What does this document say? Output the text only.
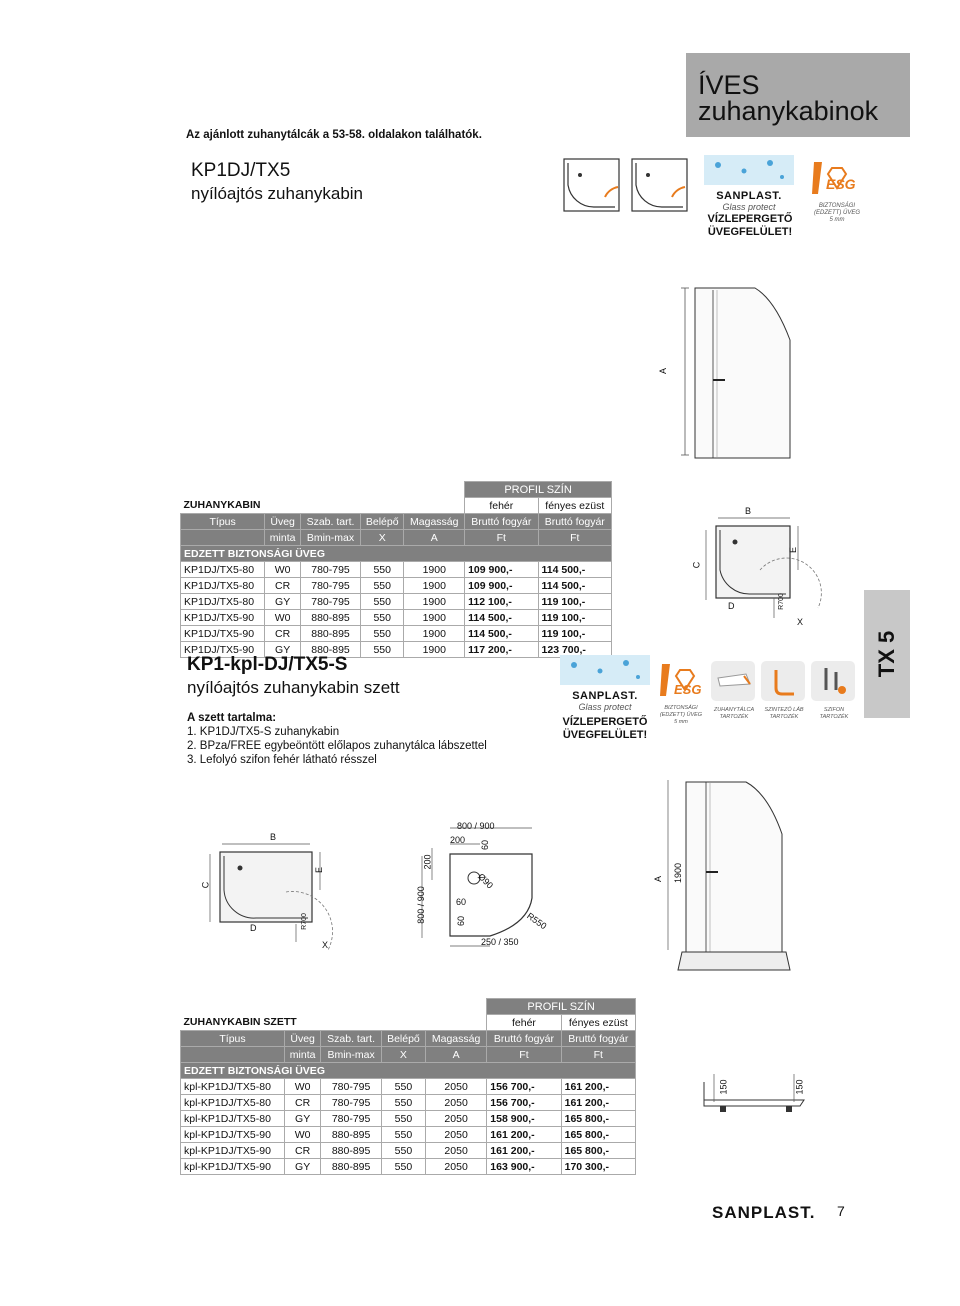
Az ajánlott zuhanytálcák a 53-58. oldalakon találhatók.
ÍVES
zuhanykabinok
KP1DJ/TX5
nyílóajtós zuhanykabin	SANPLAST.
Glass protect
VÍZLEPERGETŐ
ÜVEGFELÜLET!
ESG
BIZTONSÁGI
(EDZETT) ÜVEG
5 mm
A
					PROFIL SZÍN	
ZUHANYKABIN					fehér	fényes ezüst
Típus	Üveg	Szab. tart.	Belépő	Magasság	Bruttó fogyár	Bruttó fogyár
	minta	Bmin-max	X	A	Ft	Ft
EDZETT BIZTONSÁGI ÜVEG						
KP1DJ/TX5-80	W0	780-795	550	1900	109 900,-	114 500,-
KP1DJ/TX5-80	CR	780-795	550	1900	109 900,-	114 500,-
KP1DJ/TX5-80	GY	780-795	550	1900	112 100,-	119 100,-
KP1DJ/TX5-90	W0	880-895	550	1900	114 500,-	119 100,-
KP1DJ/TX5-90	CR	880-895	550	1900	114 500,-	119 100,-
KP1DJ/TX5-90	GY	880-895	550	1900	117 200,-	123 700,-
B
C
E
D	R700
X
TX 5
KP1-kpl-DJ/TX5-S
nyílóajtós zuhanykabin szett
A szett tartalma:
1. KP1DJ/TX5-S zuhanykabin
2. BPza/FREE egybeöntött előlapos zuhanytálca lábszettel
3. Lefolyó szifon fehér látható résszel
SANPLAST.
Glass protect
VÍZLEPERGETŐ
ÜVEGFELÜLET!
ESG
BIZTONSÁGI
(EDZETT) ÜVEG
5 mm
ZUHANYTÁLCA
TARTOZÉK
SZINTEZŐ LÁB
TARTOZÉK
SZIFON
TARTOZÉK
B
C
E
D	R700
X
800 / 900
200 60
200
Ø90
800 / 900	60
60	R550
250 / 350
A 1900
					PROFIL SZÍN	
ZUHANYKABIN SZETT					fehér	fényes ezüst
Típus	Üveg	Szab. tart.	Belépő	Magasság	Bruttó fogyár	Bruttó fogyár
	minta	Bmin-max	X	A	Ft	Ft
EDZETT BIZTONSÁGI ÜVEG						
kpl-KP1DJ/TX5-80	W0	780-795	550	2050	156 700,-	161 200,-
kpl-KP1DJ/TX5-80	CR	780-795	550	2050	156 700,-	161 200,-
kpl-KP1DJ/TX5-80	GY	780-795	550	2050	158 900,-	165 800,-
kpl-KP1DJ/TX5-90	W0	880-895	550	2050	161 200,-	165 800,-
kpl-KP1DJ/TX5-90	CR	880-895	550	2050	161 200,-	165 800,-
kpl-KP1DJ/TX5-90	GY	880-895	550	2050	163 900,-	170 300,-
150	150
SANPLAST. 7
